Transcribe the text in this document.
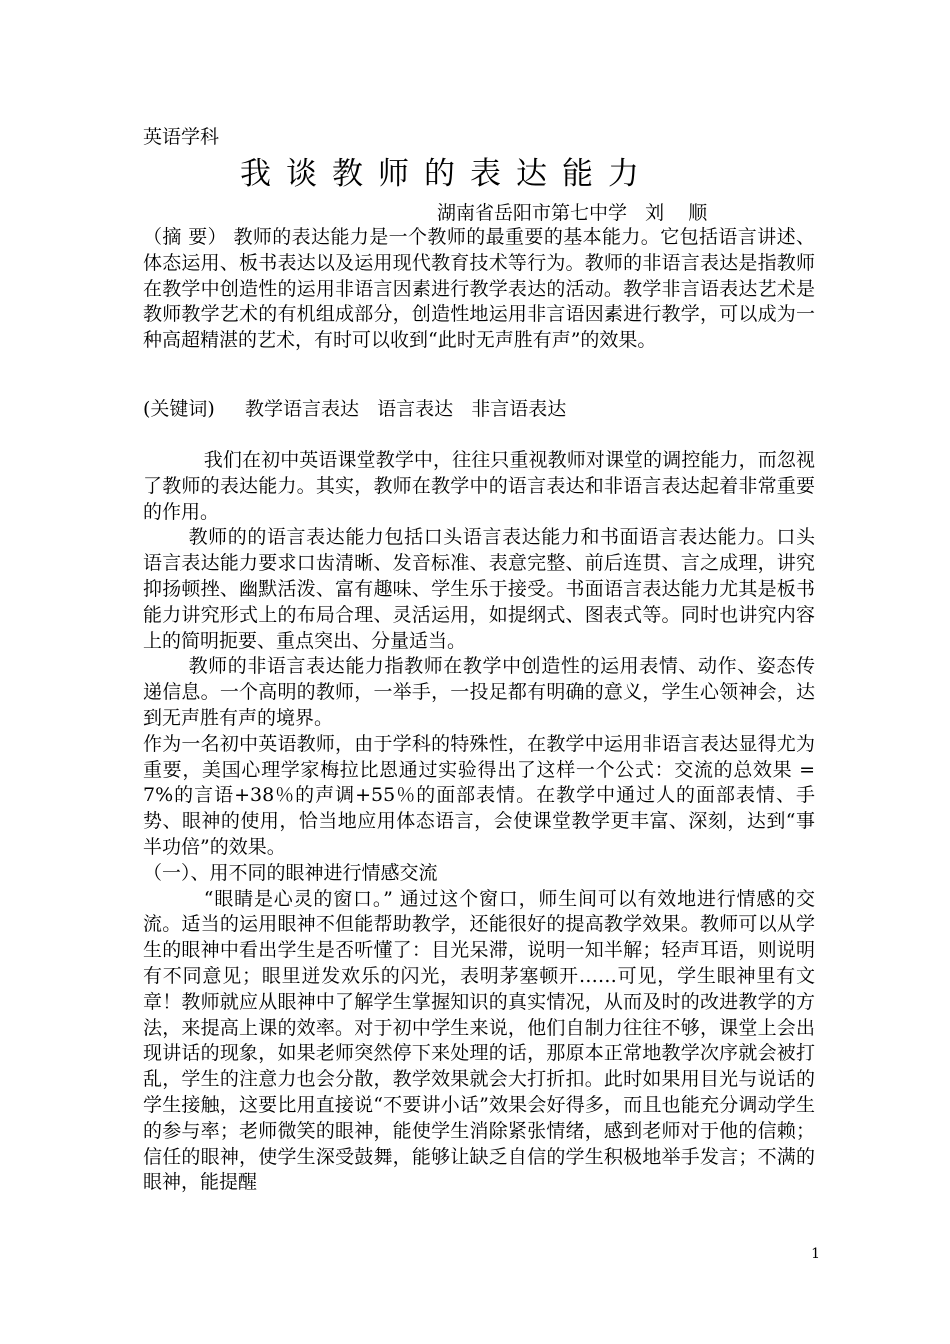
英语学科
我谈教师的表达能力
湖南省岳阳市第七中学   刘    顺
（摘 要） 教师的表达能力是一个教师的最重要的基本能力。它包括语言讲述、体态运用、板书表达以及运用现代教育技术等行为。教师的非语言表达是指教师在教学中创造性的运用非语言因素进行教学表达的活动。教学非言语表达艺术是教师教学艺术的有机组成部分，创造性地运用非言语因素进行教学，可以成为一种高超精湛的艺术，有时可以收到“此时无声胜有声”的效果。
(关键词)     教学语言表达   语言表达   非言语表达

我们在初中英语课堂教学中，往往只重视教师对课堂的调控能力，而忽视了教师的表达能力。其实，教师在教学中的语言表达和非语言表达起着非常重要的作用。

教师的的语言表达能力包括口头语言表达能力和书面语言表达能力。口头语言表达能力要求口齿清晰、发音标准、表意完整、前后连贯、言之成理，讲究抑扬顿挫、幽默活泼、富有趣味、学生乐于接受。书面语言表达能力尤其是板书能力讲究形式上的布局合理、灵活运用，如提纲式、图表式等。同时也讲究内容上的简明扼要、重点突出、分量适当。

教师的非语言表达能力指教师在教学中创造性的运用表情、动作、姿态传递信息。一个高明的教师，一举手，一投足都有明确的意义，学生心领神会，达到无声胜有声的境界。

作为一名初中英语教师，由于学科的特殊性，在教学中运用非语言表达显得尤为重要，美国心理学家梅拉比恩通过实验得出了这样一个公式：交流的总效果 = 7%的言语+38％的声调+55％的面部表情。在教学中通过人的面部表情、手势、眼神的使用，恰当地应用体态语言，会使课堂教学更丰富、深刻，达到“事半功倍”的效果。

（一）、用不同的眼神进行情感交流

“眼睛是心灵的窗口。” 通过这个窗口，师生间可以有效地进行情感的交流。适当的运用眼神不但能帮助教学，还能很好的提高教学效果。教师可以从学生的眼神中看出学生是否听懂了：目光呆滞，说明一知半解；轻声耳语，则说明有不同意见；眼里迸发欢乐的闪光，表明茅塞顿开……可见，学生眼神里有文章！教师就应从眼神中了解学生掌握知识的真实情况，从而及时的改进教学的方法，来提高上课的效率。对于初中学生来说，他们自制力往往不够，课堂上会出现讲话的现象，如果老师突然停下来处理的话，那原本正常地教学次序就会被打乱，学生的注意力也会分散，教学效果就会大打折扣。此时如果用目光与说话的学生接触，这要比用直接说“不要讲小话”效果会好得多，而且也能充分调动学生的参与率；老师微笑的眼神，能使学生消除紧张情绪，感到老师对于他的信赖；信任的眼神，使学生深受鼓舞，能够让缺乏自信的学生积极地举手发言；不满的眼神，能提醒

1
